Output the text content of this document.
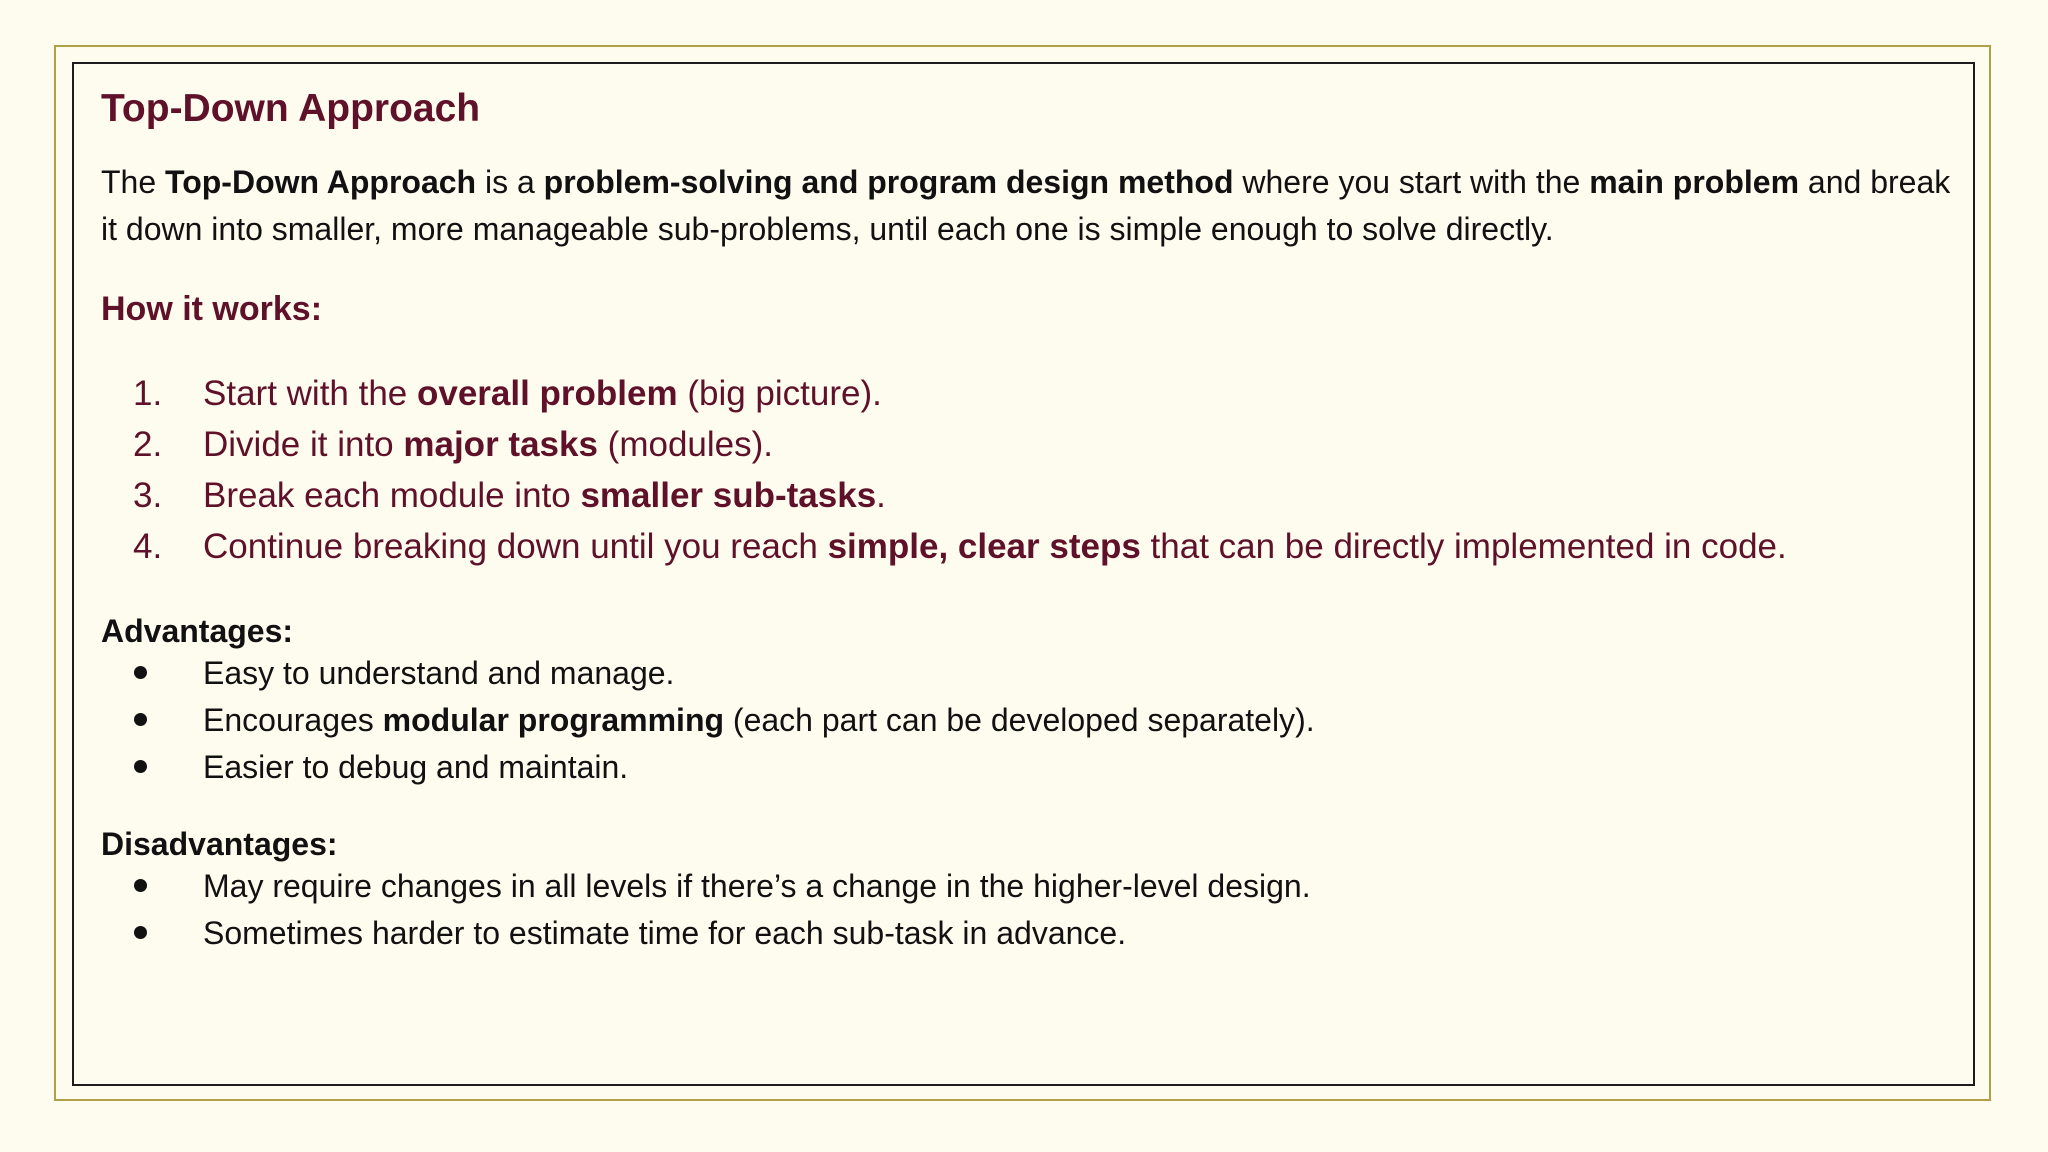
Top-Down Approach

The Top-Down Approach is a problem-solving and program design method where you start with the main problem and break it down into smaller, more manageable sub-problems, until each one is simple enough to solve directly.

How it works:
1. Start with the overall problem (big picture).
2. Divide it into major tasks (modules).
3. Break each module into smaller sub-tasks.
4. Continue breaking down until you reach simple, clear steps that can be directly implemented in code.
Advantages:
Easy to understand and manage.
Encourages modular programming (each part can be developed separately).
Easier to debug and maintain.
Disadvantages:
May require changes in all levels if there’s a change in the higher-level design.
Sometimes harder to estimate time for each sub-task in advance.
